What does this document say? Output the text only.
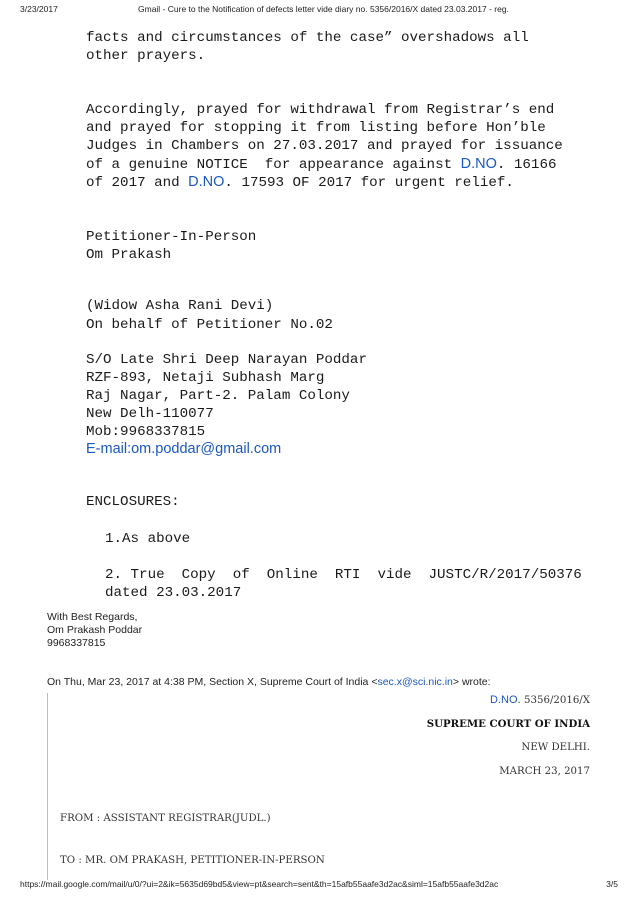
3/23/2017	Gmail - Cure to the Notification of defects letter vide diary no. 5356/2016/X dated 23.03.2017 - reg.

facts and circumstances of the case” overshadows all

other prayers.

Accordingly, prayed for withdrawal from Registrar’s end

and prayed for stopping it from listing before Hon’ble

Judges in Chambers on 27.03.2017 and prayed for issuance

of a genuine NOTICE  for appearance against D.NO. 16166

of 2017 and D.NO. 17593 OF 2017 for urgent relief.

Petitioner-In-Person

Om Prakash

(Widow Asha Rani Devi)

On behalf of Petitioner No.02

S/O Late Shri Deep Narayan Poddar

RZF-893, Netaji Subhash Marg

Raj Nagar, Part-2. Palam Colony

New Delh-110077

Mob:9968337815

E-mail:om.poddar@gmail.com

ENCLOSURES:

1.As above

2. True  Copy  of  Online  RTI  vide  JUSTC/R/2017/50376

dated 23.03.2017

With Best Regards,
Om Prakash Poddar
9968337815
On Thu, Mar 23, 2017 at 4:38 PM, Section X, Supreme Court of India <sec.x@sci.nic.in> wrote:
D.NO. 5356/2016/X
SUPREME COURT OF INDIA
NEW DELHI.
MARCH 23, 2017
FROM : ASSISTANT REGISTRAR(JUDL.)
TO : MR. OM PRAKASH, PETITIONER-IN-PERSON
https://mail.google.com/mail/u/0/?ui=2&ik=5635d69bd5&view=pt&search=sent&th=15afb55aafe3d2ac&siml=15afb55aafe3d2ac	3/5
